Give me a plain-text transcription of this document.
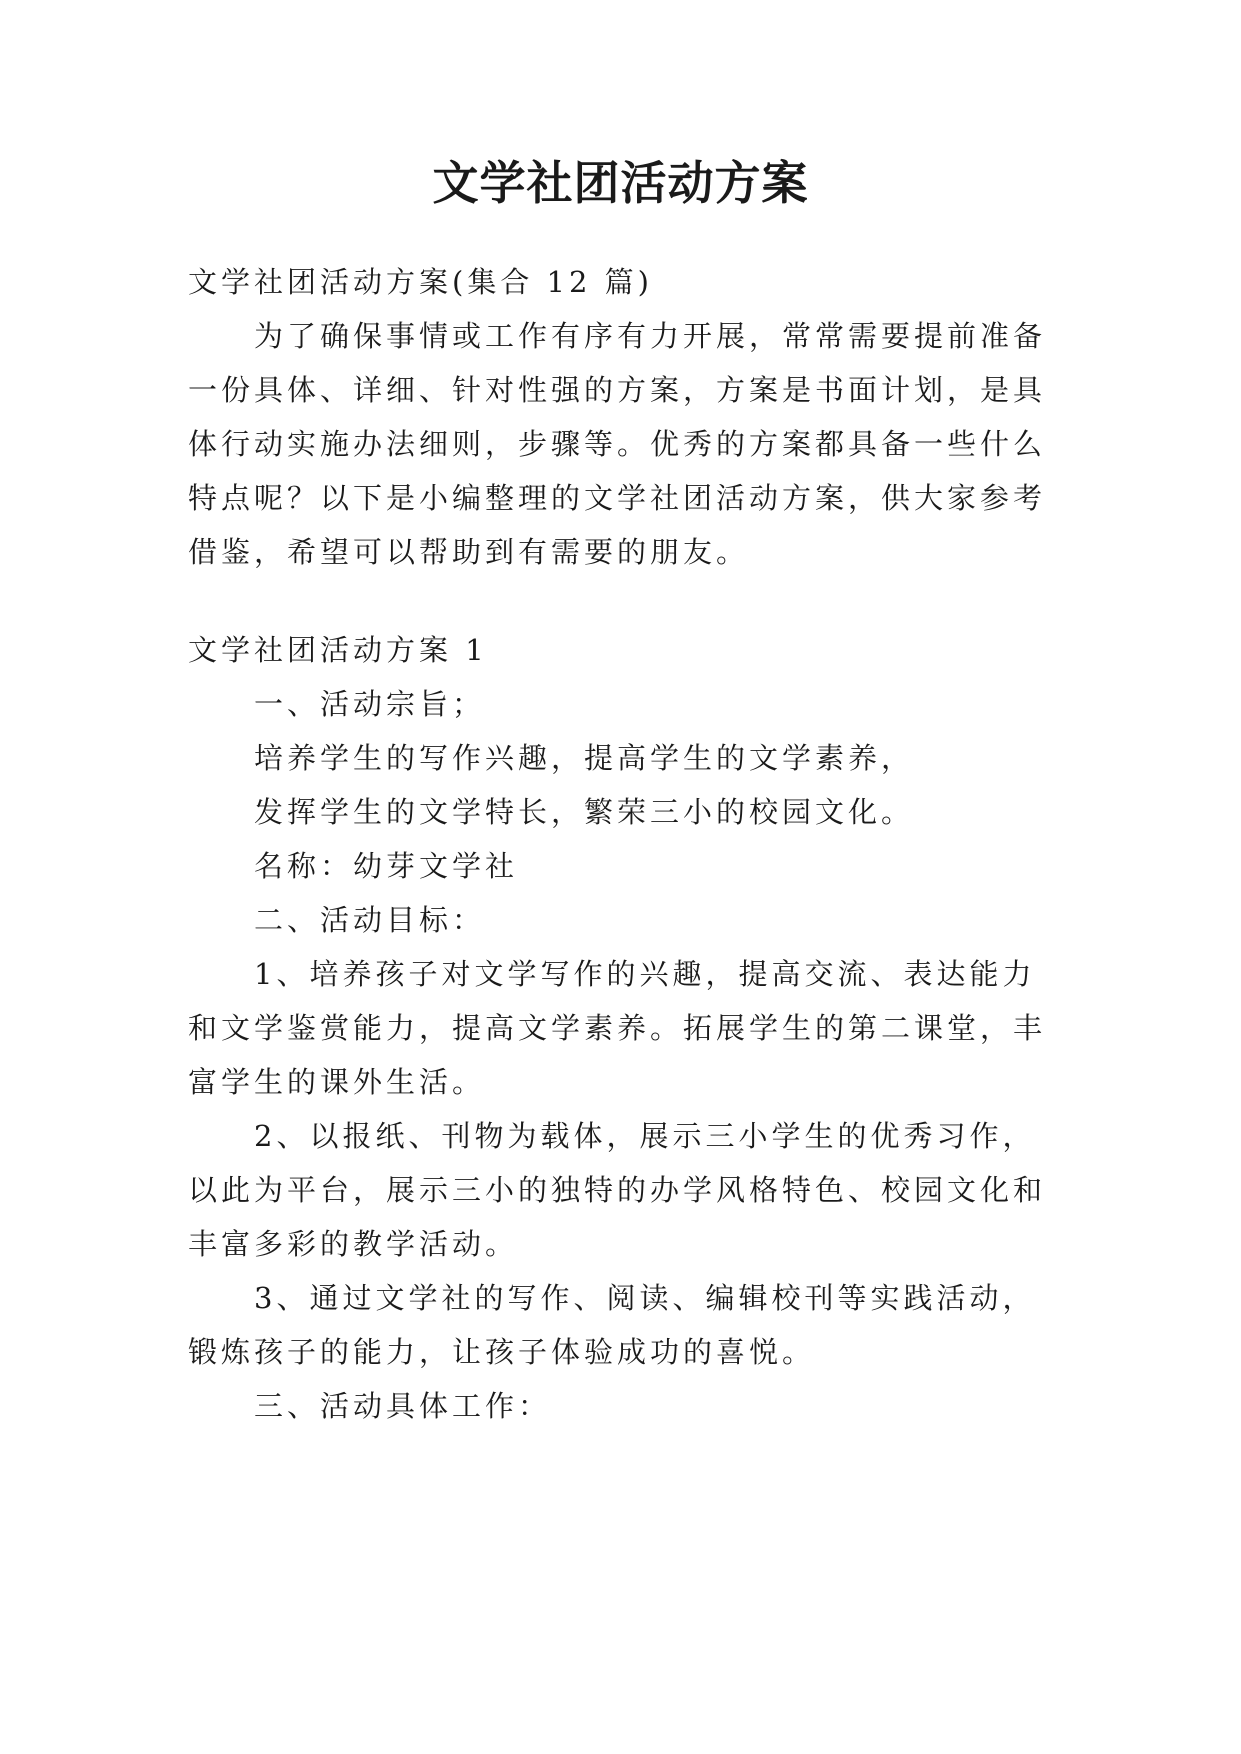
文学社团活动方案
文学社团活动方案(集合 12 篇)
为了确保事情或工作有序有力开展，常常需要提前准备
一份具体、详细、针对性强的方案，方案是书面计划，是具
体行动实施办法细则，步骤等。优秀的方案都具备一些什么
特点呢？以下是小编整理的文学社团活动方案，供大家参考
借鉴，希望可以帮助到有需要的朋友。
文学社团活动方案 1
一、活动宗旨；
培养学生的写作兴趣，提高学生的文学素养，
发挥学生的文学特长，繁荣三小的校园文化。
名称：幼芽文学社
二、活动目标：
1、培养孩子对文学写作的兴趣，提高交流、表达能力
和文学鉴赏能力，提高文学素养。拓展学生的第二课堂，丰
富学生的课外生活。
2、以报纸、刊物为载体，展示三小学生的优秀习作，
以此为平台，展示三小的独特的办学风格特色、校园文化和
丰富多彩的教学活动。
3、通过文学社的写作、阅读、编辑校刊等实践活动，
锻炼孩子的能力，让孩子体验成功的喜悦。
三、活动具体工作：
